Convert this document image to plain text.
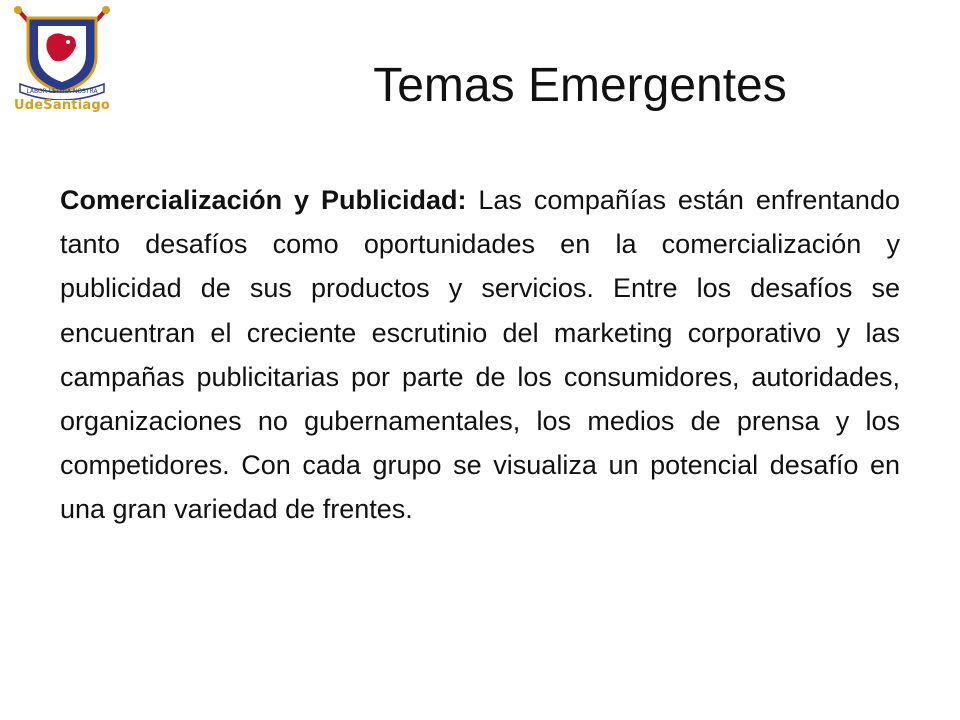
LABOR LETITIA NOSTRA
UdeSantiago	Temas Emergentes
Comercialización y Publicidad: Las compañías están enfrentando tanto desafíos como oportunidades en la comercialización y publicidad de sus productos y servicios. Entre los desafíos se encuentran el creciente escrutinio del marketing corporativo y las campañas publicitarias por parte de los consumidores, autoridades, organizaciones no gubernamentales, los medios de prensa y los competidores. Con cada grupo se visualiza un potencial desafío en una gran variedad de frentes.
